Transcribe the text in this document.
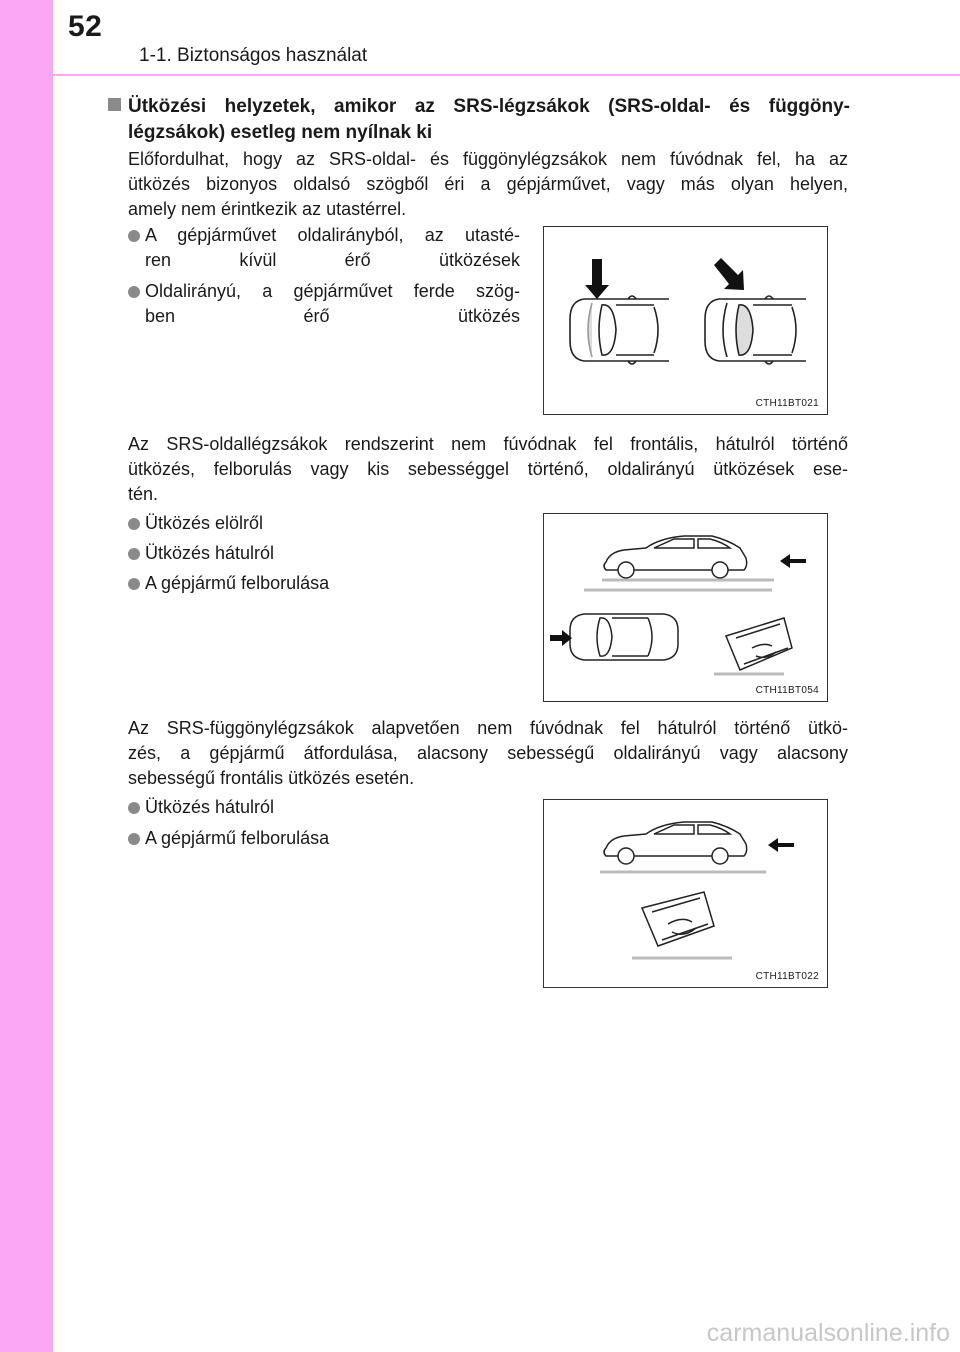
52
1-1. Biztonságos használat
Ütközési helyzetek, amikor az SRS-légzsákok (SRS-oldal- és függöny-
légzsákok) esetleg nem nyílnak ki
Előfordulhat, hogy az SRS-oldal- és függönylégzsákok nem fúvódnak fel, ha az
ütközés bizonyos oldalsó szögből éri a gépjárművet, vagy más olyan helyen,
amely nem érintkezik az utastérrel.
A gépjárművet oldalirányból, az utasté-
ren kívül érő ütközések
Oldalirányú, a gépjárművet ferde szög-
ben érő ütközés
CTH11BT021
Az SRS-oldallégzsákok rendszerint nem fúvódnak fel frontális, hátulról történő
ütközés, felborulás vagy kis sebességgel történő, oldalirányú ütközések ese-
tén.
Ütközés elölről
Ütközés hátulról
A gépjármű felborulása
CTH11BT054
Az SRS-függönylégzsákok alapvetően nem fúvódnak fel hátulról történő ütkö-
zés, a gépjármű átfordulása, alacsony sebességű oldalirányú vagy alacsony
sebességű frontális ütközés esetén.
Ütközés hátulról
A gépjármű felborulása
CTH11BT022
carmanualsonline.info
